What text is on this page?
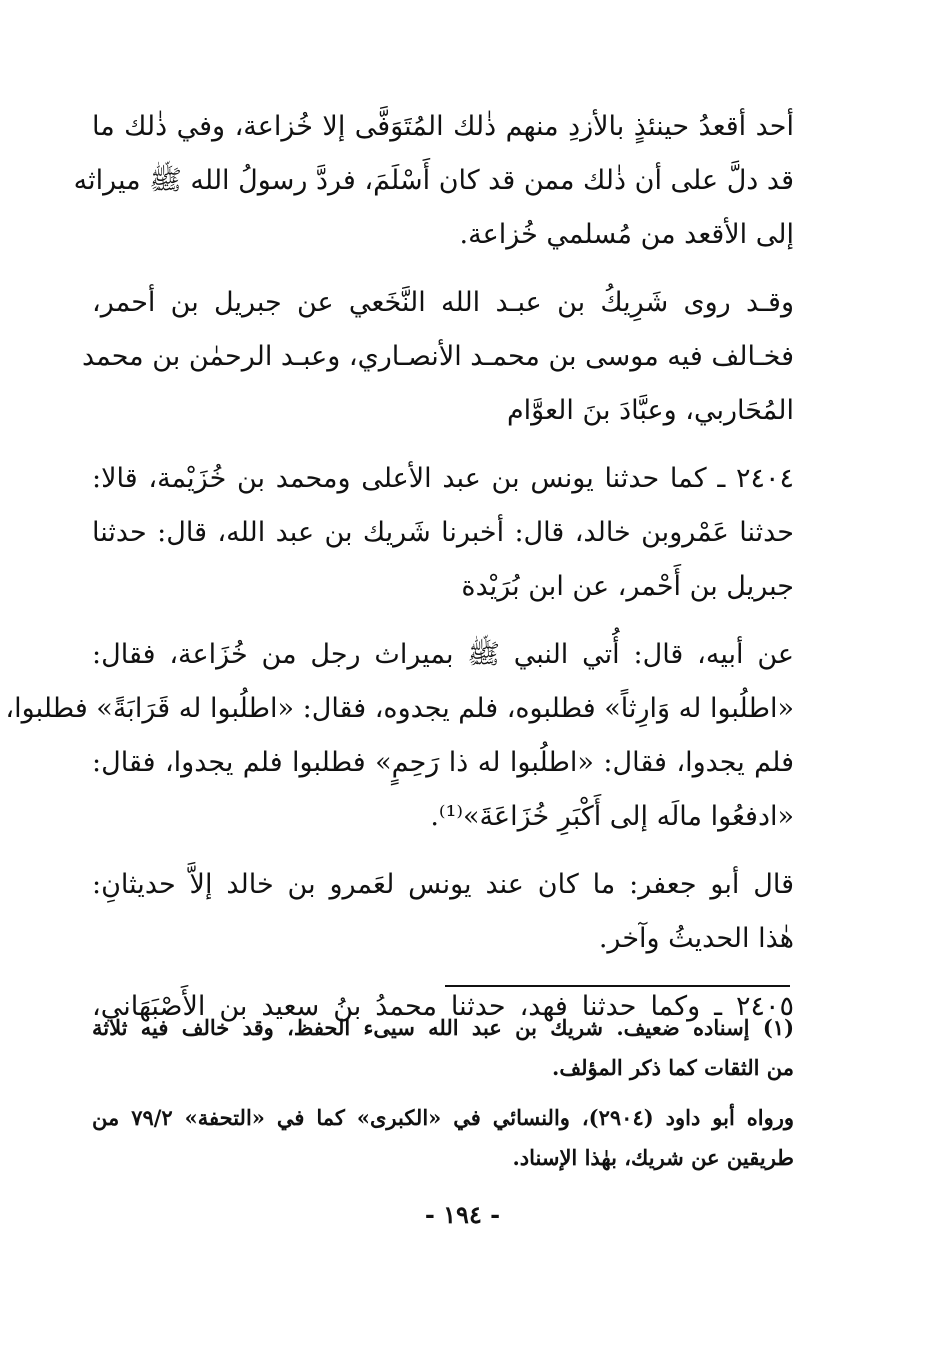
أحد أقعدُ حينئذٍ بالأزدِ منهم ذٰلك المُتَوَفَّى إلا خُزاعة، وفي ذٰلك ما
قد دلَّ على أن ذٰلك ممن قد كان أَسْلَمَ، فردَّ رسولُ الله ﷺ ميراثه
إلى الأقعد من مُسلمي خُزاعة.
وقـد روى شَرِيكُ بن عبـد الله النَّخَعي عن جبريل بن أحمر،
فخـالف فيه موسى بن محمـد الأنصـاري، وعبـد الرحمٰن بن محمد
المُحَاربي، وعبَّادَ بنَ العوَّام
٢٤٠٤ ـ كما حدثنا يونس بن عبد الأعلى ومحمد بن خُزَيْمة، قالا:
حدثنا عَمْروبن خالد، قال: أخبرنا شَريك بن عبد الله، قال: حدثنا
جبريل بن أَحْمر، عن ابن بُرَيْدة
عن أبيه، قال: أُتي النبي ﷺ بميراث رجل من خُزَاعة، فقال:
«اطلُبوا له وَارِثاً» فطلبوه، فلم يجدوه، فقال: «اطلُبوا له قَرَابَةً» فطلبوا،
فلم يجدوا، فقال: «اطلُبوا له ذا رَحِمٍ» فطلبوا فلم يجدوا، فقال:
«ادفعُوا مالَه إلى أَكْبَرِ خُزَاعَةَ»⁽¹⁾.
قال أبو جعفر: ما كان عند يونس لعَمرو بن خالد إلاَّ حديثانِ:
هٰذا الحديثُ وآخر.
٢٤٠٥ ـ وكما حدثنا فهد، حدثنا محمدُ بنُ سعيد بن الأَصْبَهَاني،
(١) إسناده ضعيف. شريك بن عبد الله سيىء الحفظ، وقد خالف فيه ثلاثة
من الثقات كما ذكر المؤلف.
ورواه أبو داود (٢٩٠٤)، والنسائي في «الكبرى» كما في «التحفة» ٧٩/٢ من
طريقين عن شريك، بهٰذا الإسناد.
- ١٩٤ -
